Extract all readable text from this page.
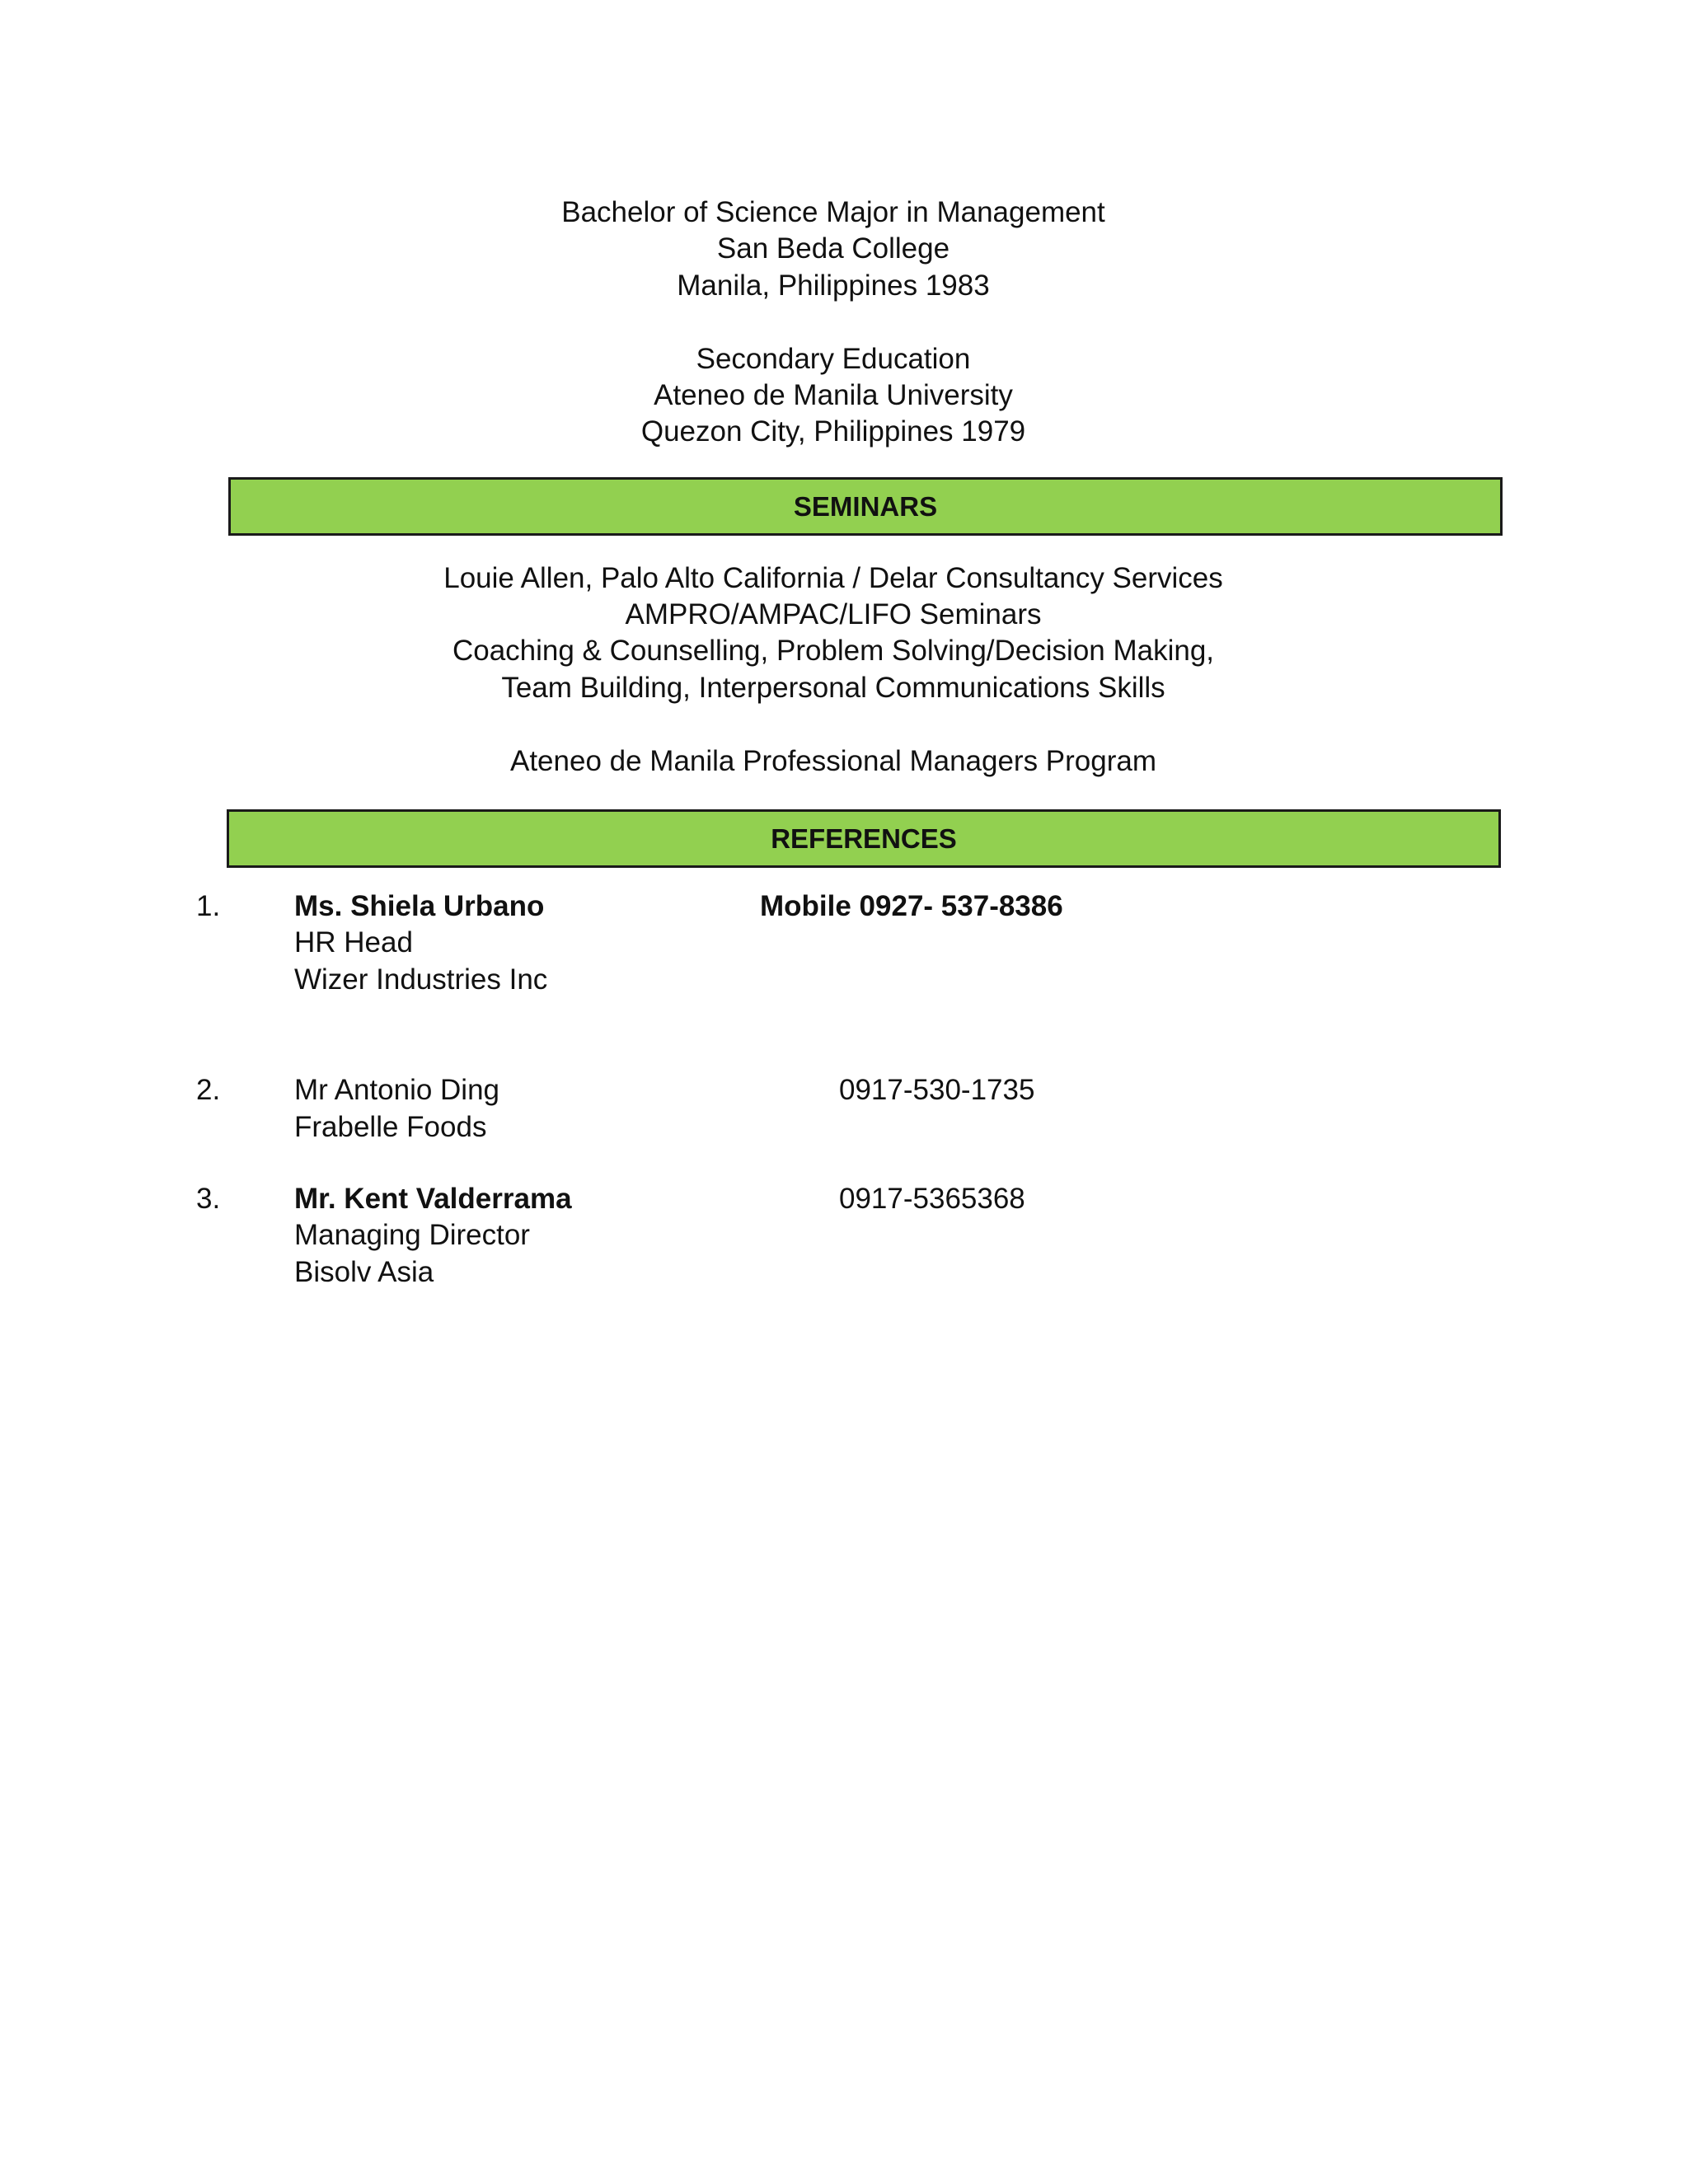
Bachelor of Science Major in Management
San Beda College
Manila, Philippines 1983
Secondary Education
Ateneo de Manila University
Quezon City, Philippines 1979
SEMINARS
Louie Allen, Palo Alto California / Delar Consultancy Services
AMPRO/AMPAC/LIFO Seminars
Coaching & Counselling, Problem Solving/Decision Making,
Team Building, Interpersonal Communications Skills
Ateneo de Manila Professional Managers Program
REFERENCES
1.	Ms. Shiela Urbano	Mobile 0927- 537-8386
HR Head
Wizer Industries Inc
2.	Mr Antonio Ding	0917-530-1735
Frabelle Foods
3.	Mr. Kent Valderrama	0917-5365368
Managing Director
Bisolv Asia
